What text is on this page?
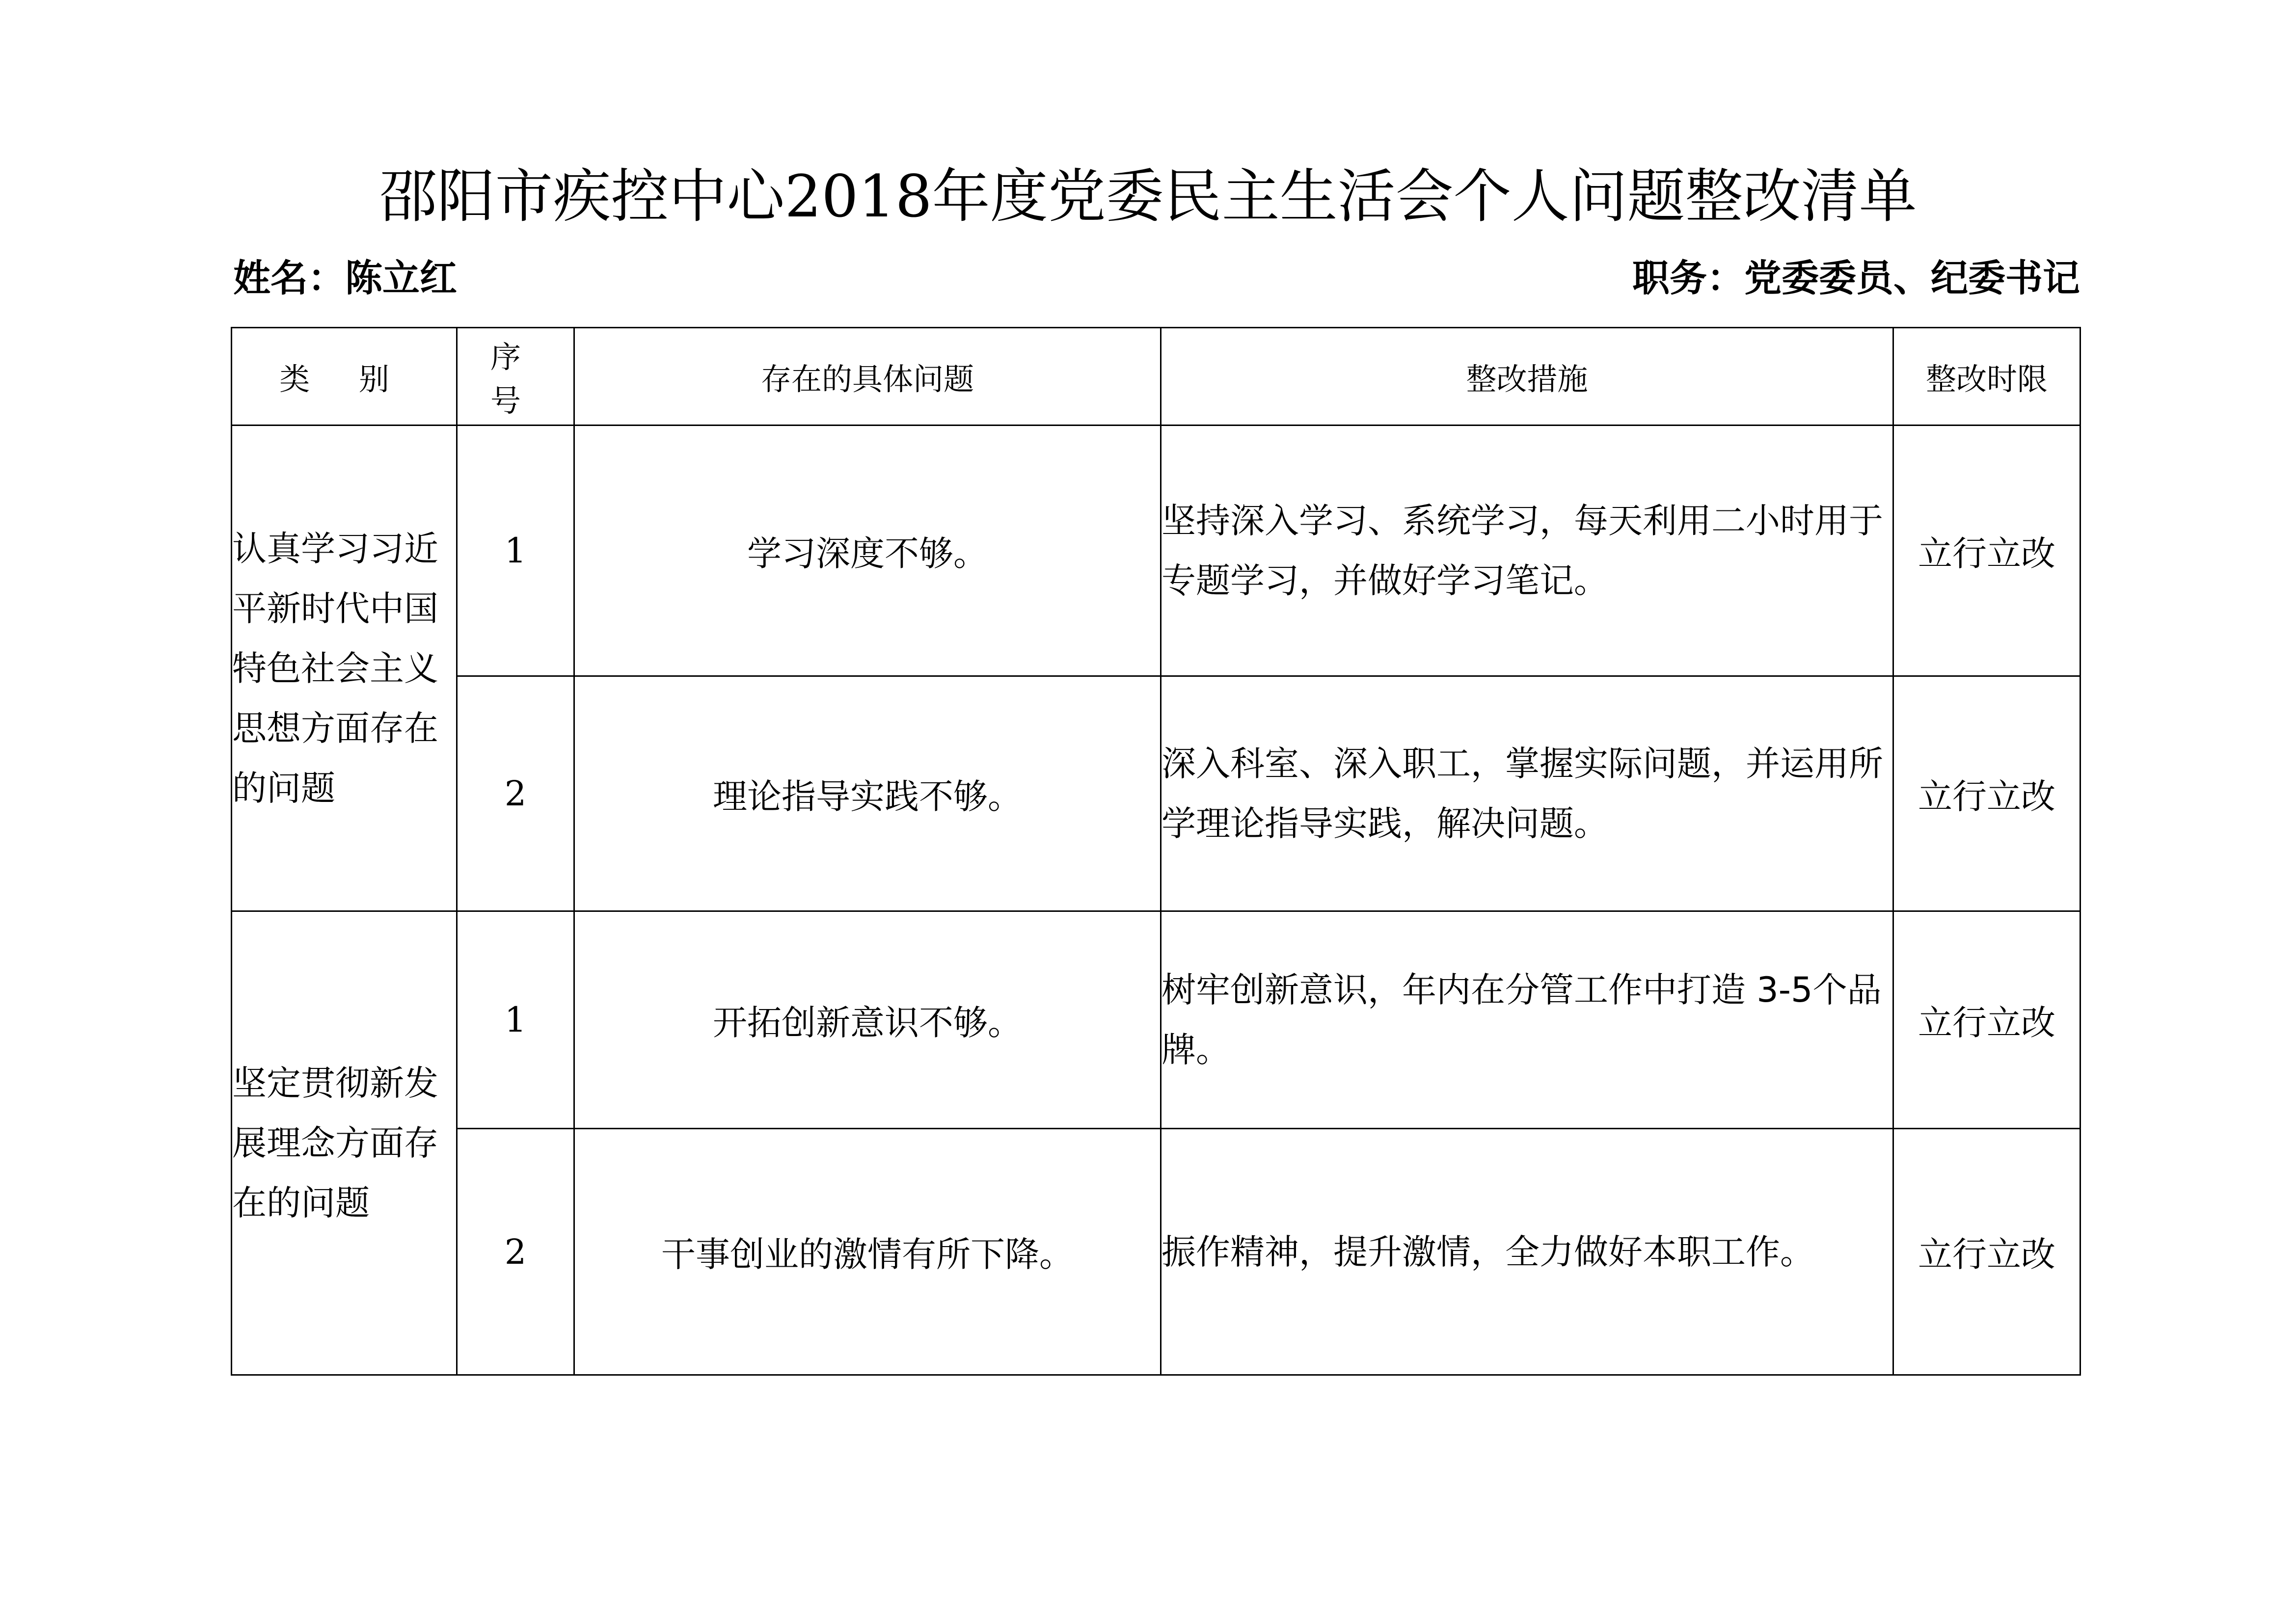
邵阳市疾控中心2018年度党委民主生活会个人问题整改清单
姓名：陈立红	职务：党委委员、纪委书记
类 别	序 号	存在的具体问题	整改措施	整改时限
认真学习习近平新时代中国特色社会主义思想方面存在的问题	1	学习深度不够。	坚持深入学习、系统学习，每天利用二小时用于专题学习，并做好学习笔记。	立行立改
	2	理论指导实践不够。	深入科室、深入职工，掌握实际问题，并运用所学理论指导实践，解决问题。	立行立改
坚定贯彻新发展理念方面存在的问题	1	开拓创新意识不够。	树牢创新意识，年内在分管工作中打造 3-5个品牌。	立行立改
	2	干事创业的激情有所下降。	振作精神，提升激情，全力做好本职工作。	立行立改
